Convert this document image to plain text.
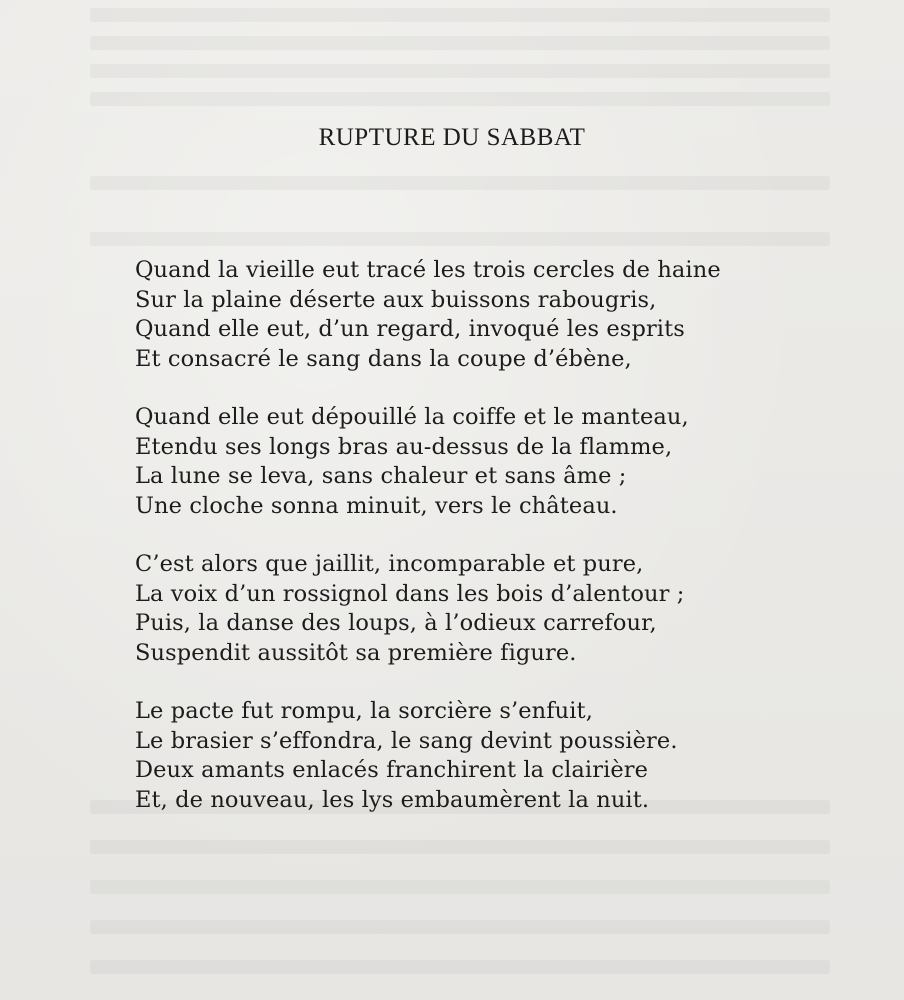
RUPTURE DU SABBAT
Quand la vieille eut tracé les trois cercles de haine
Sur la plaine déserte aux buissons rabougris,
Quand elle eut, d’un regard, invoqué les esprits
Et consacré le sang dans la coupe d’ébène,
Quand elle eut dépouillé la coiffe et le manteau,
Etendu ses longs bras au-dessus de la flamme,
La lune se leva, sans chaleur et sans âme ;
Une cloche sonna minuit, vers le château.
C’est alors que jaillit, incomparable et pure,
La voix d’un rossignol dans les bois d’alentour ;
Puis, la danse des loups, à l’odieux carrefour,
Suspendit aussitôt sa première figure.
Le pacte fut rompu, la sorcière s’enfuit,
Le brasier s’effondra, le sang devint poussière.
Deux amants enlacés franchirent la clairière
Et, de nouveau, les lys embaumèrent la nuit.
